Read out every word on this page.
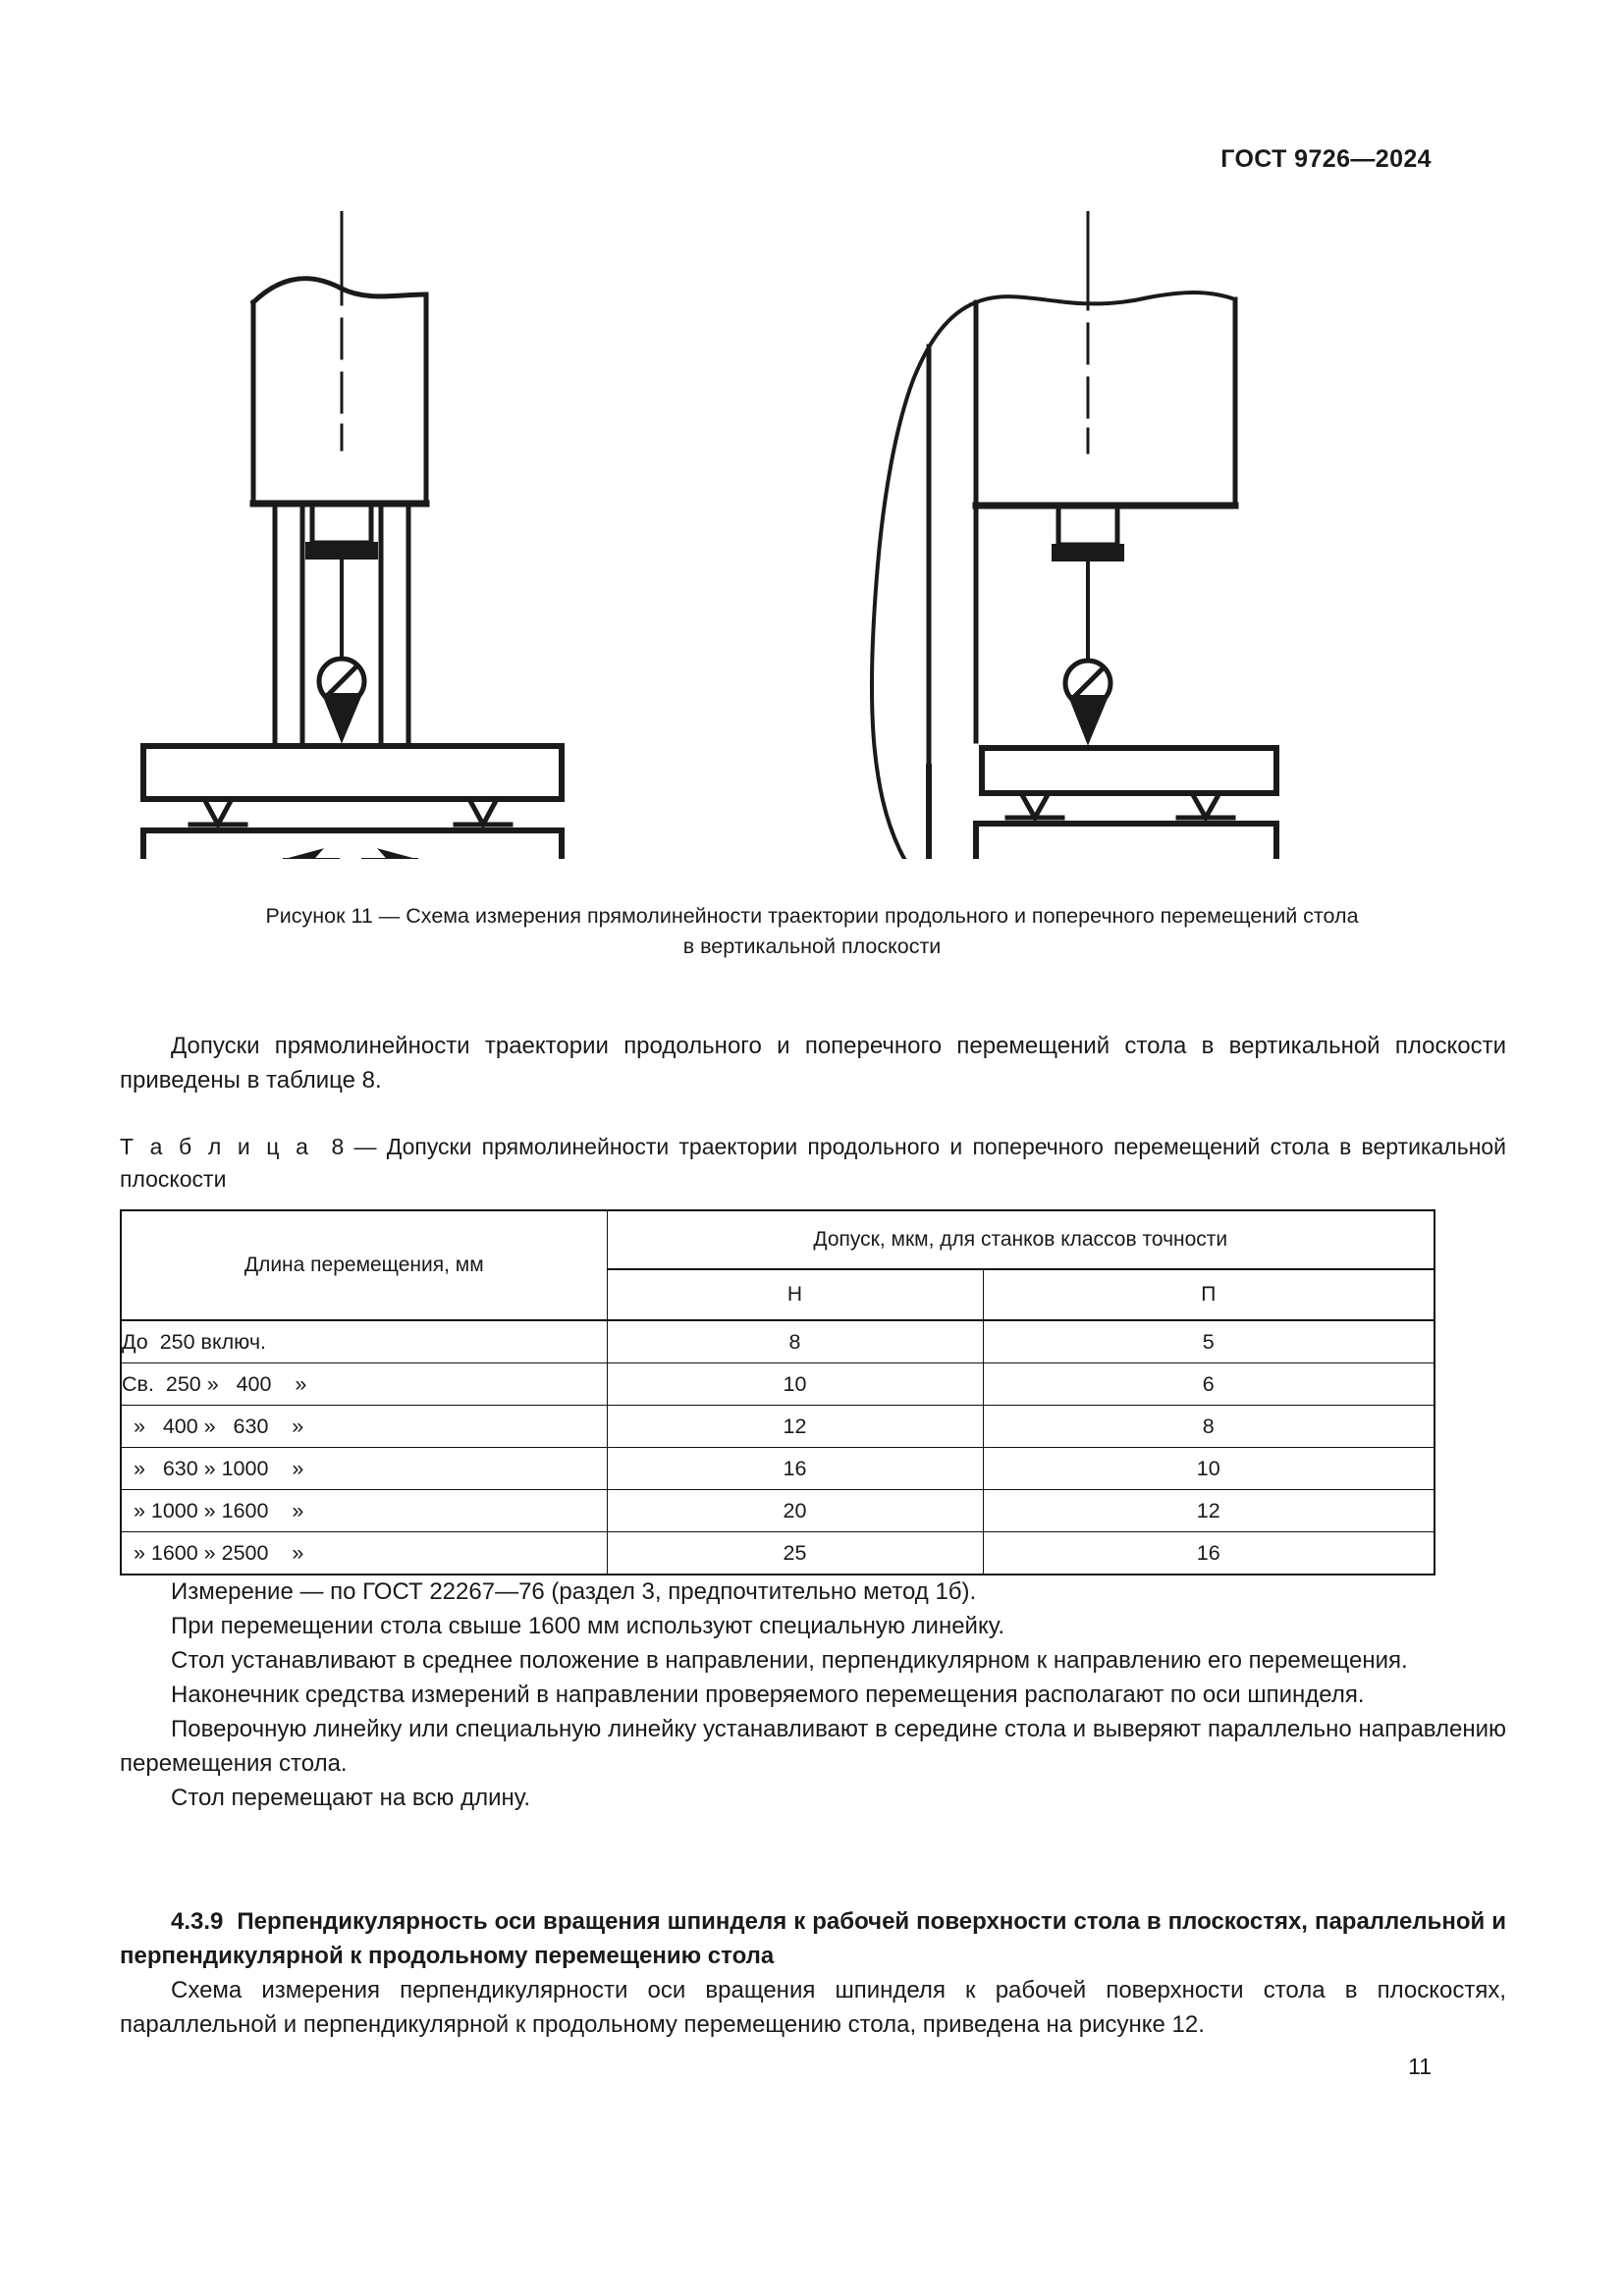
ГОСТ 9726—2024
Рисунок 11 — Схема измерения прямолинейности траектории продольного и поперечного перемещений стола
в вертикальной плоскости
Допуски прямолинейности траектории продольного и поперечного перемещений стола в вертикальной плоскости приведены в таблице 8.
Т а б л и ц а 8 — Допуски прямолинейности траектории продольного и поперечного перемещений стола в вертикальной плоскости
Длина перемещения, мм	Допуск, мкм, для станков классов точности	
	Н	П
До  250 включ.	8	5
Св.  250 »   400    »	10	6
»   400 »   630    »	12	8
»   630 » 1000    »	16	10
» 1000 » 1600    »	20	12
» 1600 » 2500    »	25	16
Измерение — по ГОСТ 22267—76 (раздел 3, предпочтительно метод 1б).
При перемещении стола свыше 1600 мм используют специальную линейку.
Стол устанавливают в среднее положение в направлении, перпендикулярном к направлению его перемещения.
Наконечник средства измерений в направлении проверяемого перемещения располагают по оси шпинделя.
Поверочную линейку или специальную линейку устанавливают в середине стола и выверяют параллельно направлению перемещения стола.
Стол перемещают на всю длину.
4.3.9 Перпендикулярность оси вращения шпинделя к рабочей поверхности стола в плоскостях, параллельной и перпендикулярной к продольному перемещению стола
Схема измерения перпендикулярности оси вращения шпинделя к рабочей поверхности стола в плоскостях, параллельной и перпендикулярной к продольному перемещению стола, приведена на рисунке 12.
11
